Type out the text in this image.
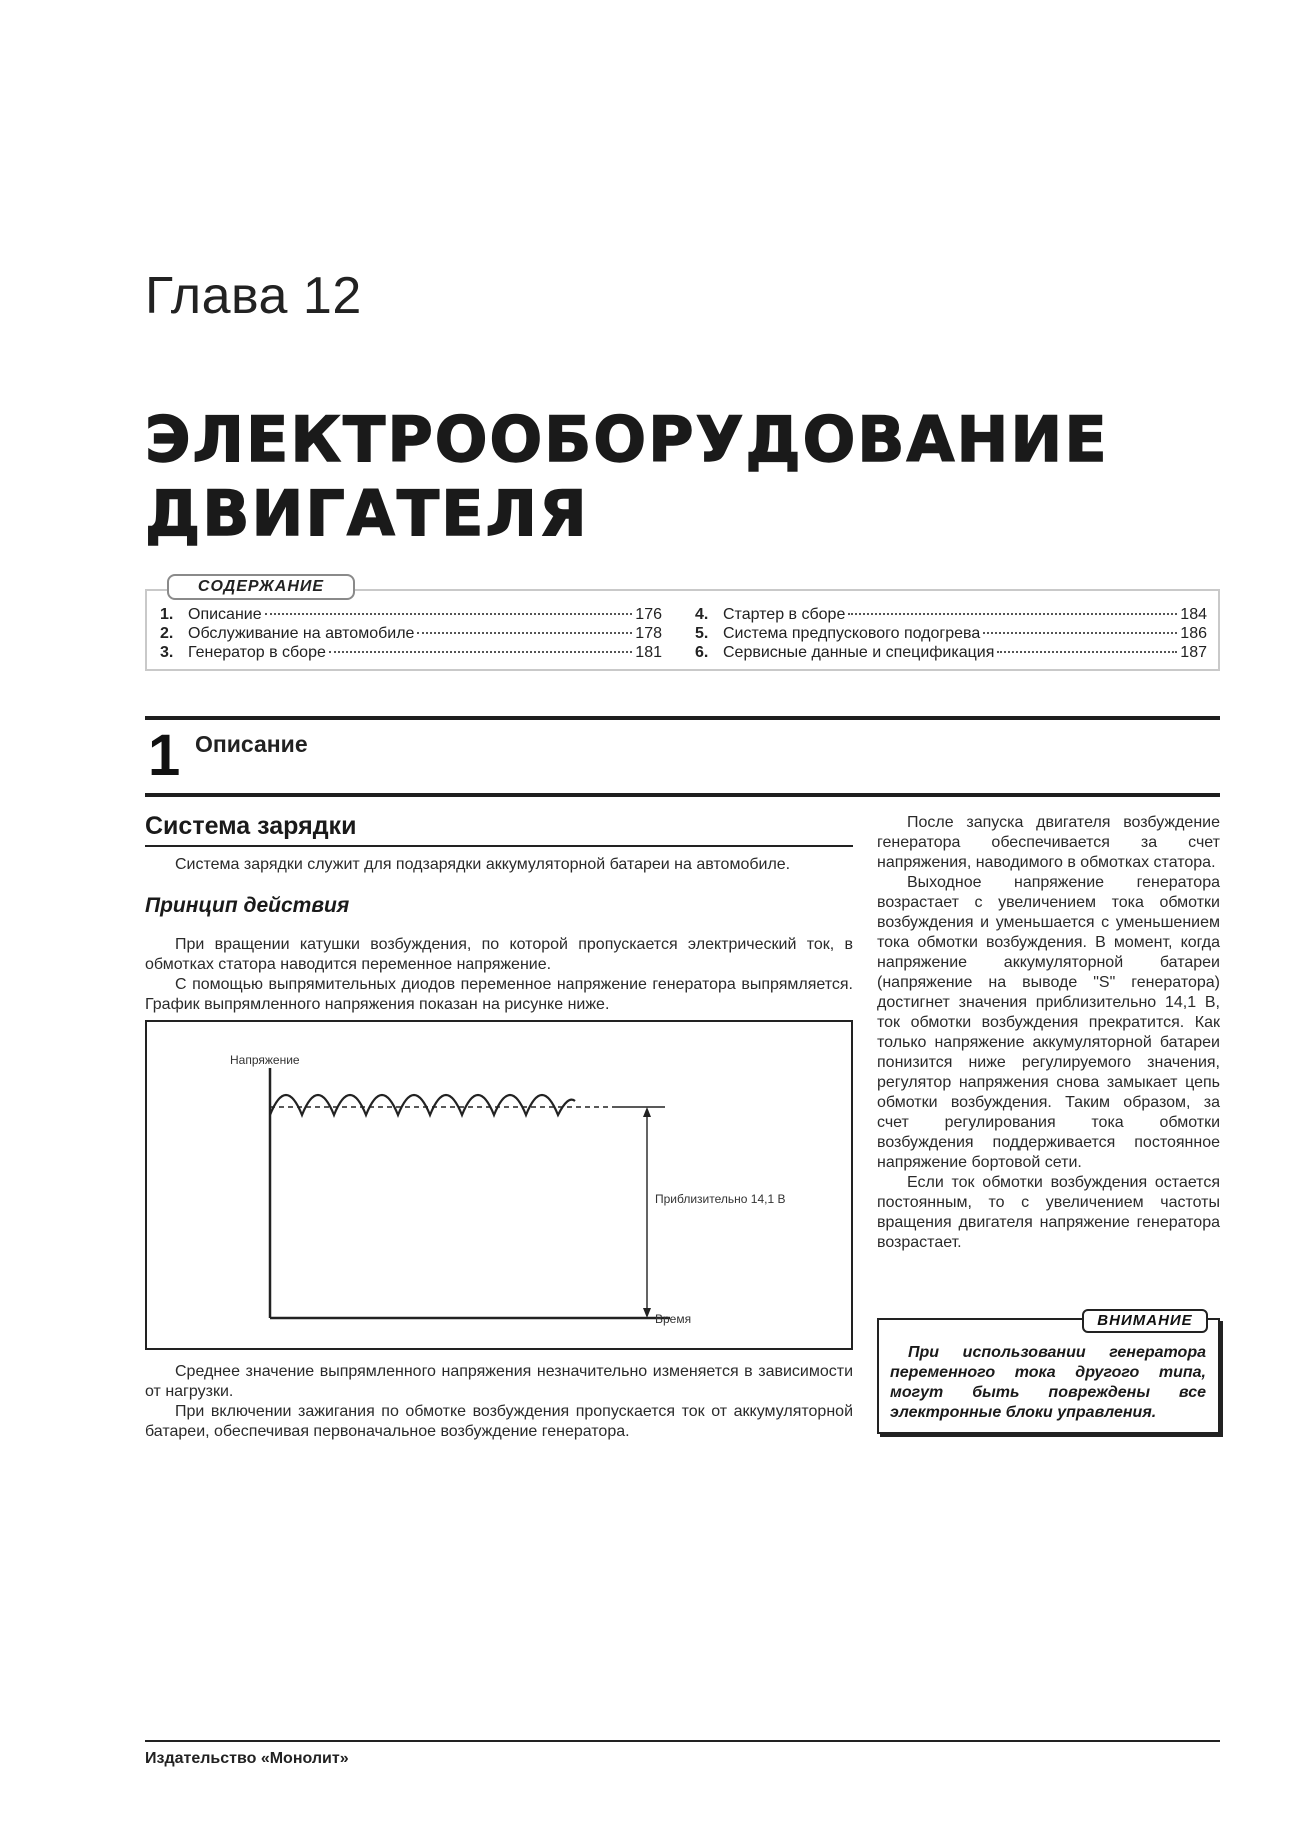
Глава 12
ЭЛЕКТРООБОРУДОВАНИЕ
ДВИГАТЕЛЯ
СОДЕРЖАНИЕ
1. Описание	176
2. Обслуживание на автомобиле	178
3. Генератор в сборе	181
4. Стартер в сборе	184
5. Система предпускового подогрева	186
6. Сервисные данные и спецификация	187
1 Описание
Система зарядки

Система зарядки служит для подзарядки аккумуляторной батареи на автомобиле.

Принцип действия

При вращении катушки возбуждения, по которой пропускается электрический ток, в обмотках статора наводится переменное напряжение.

С помощью выпрямительных диодов переменное напряжение генератора выпрямляется. График выпрямленного напряжения показан на рисунке ниже.

Напряжение
Время
Приблизительно 14,1 В

Среднее значение выпрямленного напряжения незначительно изменяется в зависимости от нагрузки.

При включении зажигания по обмотке возбуждения пропускается ток от аккумуляторной батареи, обеспечивая первоначальное возбуждение генератора.

После запуска двигателя возбуждение генератора обеспечивается за счет напряжения, наводимого в обмотках статора.

Выходное напряжение генератора возрастает с увеличением тока обмотки возбуждения и уменьшается с уменьшением тока обмотки возбуждения. В момент, когда напряжение аккумуляторной батареи (напряжение на выводе "S" генератора) достигнет значения приблизительно 14,1 В, ток обмотки возбуждения прекратится. Как только напряжение аккумуляторной батареи понизится ниже регулируемого значения, регулятор напряжения снова замыкает цепь обмотки возбуждения. Таким образом, за счет регулирования тока обмотки возбуждения поддерживается постоянное напряжение бортовой сети.

Если ток обмотки возбуждения остается постоянным, то с увеличением частоты вращения двигателя напряжение генератора возрастает.

ВНИМАНИЕ

При использовании генератора переменного тока другого типа, могут быть повреждены все электронные блоки управления.

Издательство «Монолит»
